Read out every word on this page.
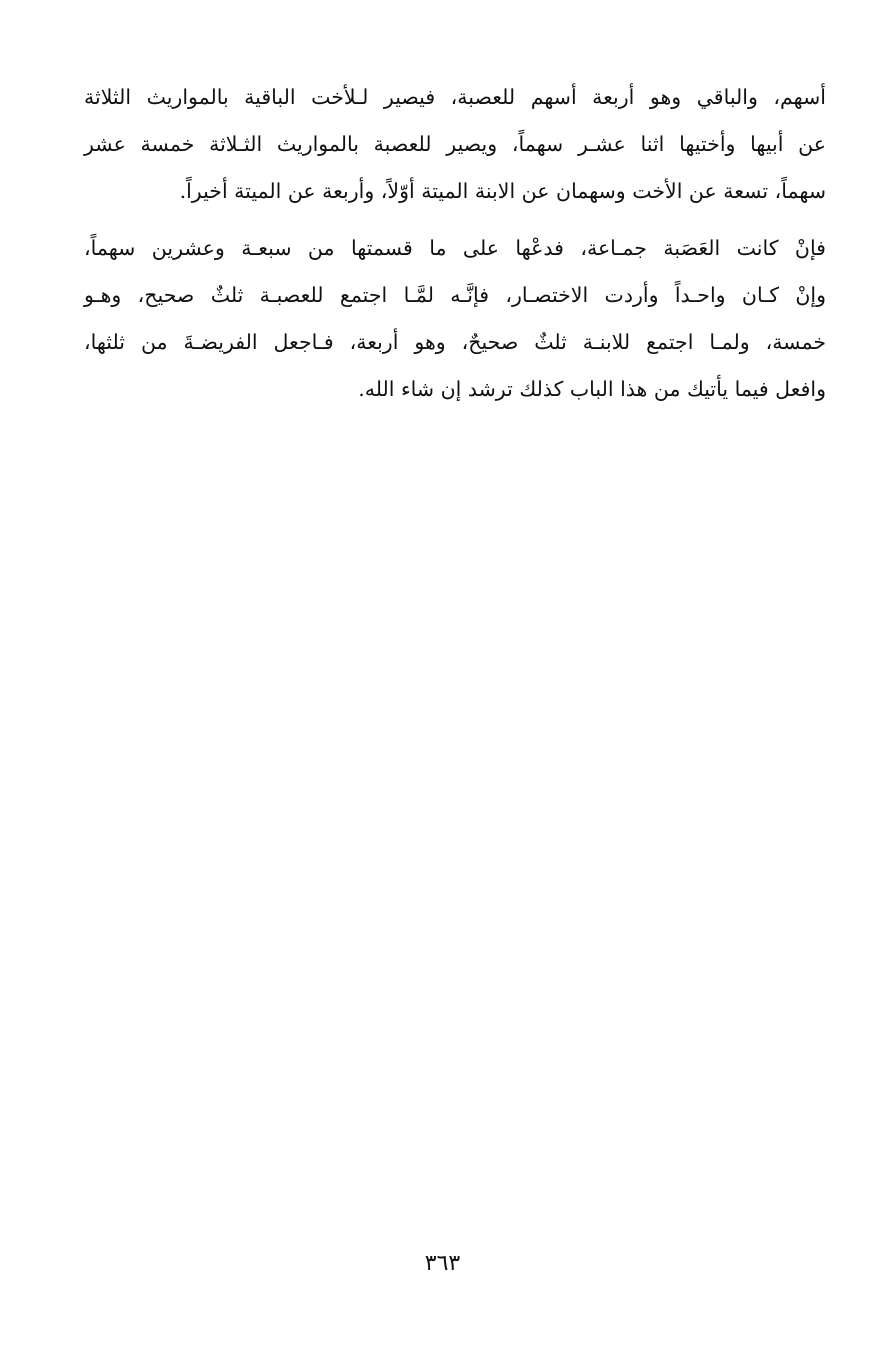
أسهم، والباقي وهو أربعة أسهم للعصبة، فيصير لـلأخت الباقية بالمواريث الثلاثة
عن أبيها وأختيها اثنا عشـر سهماً، ويصير للعصبة بالمواريث الثـلاثة خمسة عشر
سهماً، تسعة عن الأخت وسهمان عن الابنة الميتة أوّلاً، وأربعة عن الميتة أخيراً.
فإنْ كانت العَصَبة جمـاعة، فدعْها على ما قسمتها من سبعـة وعشرين سهماً،
وإنْ كـان واحـداً وأردت الاختصـار، فإنَّـه لمَّـا اجتمع للعصبـة ثلثٌ صحيح، وهـو
خمسة، ولمـا اجتمع للابنـة ثلثٌ صحيحٌ، وهو أربعة، فـاجعل الفريضـةَ من ثلثها،
وافعل فيما يأتيك من هذا الباب كذلك ترشد إن شاء الله.
٣٦٣
